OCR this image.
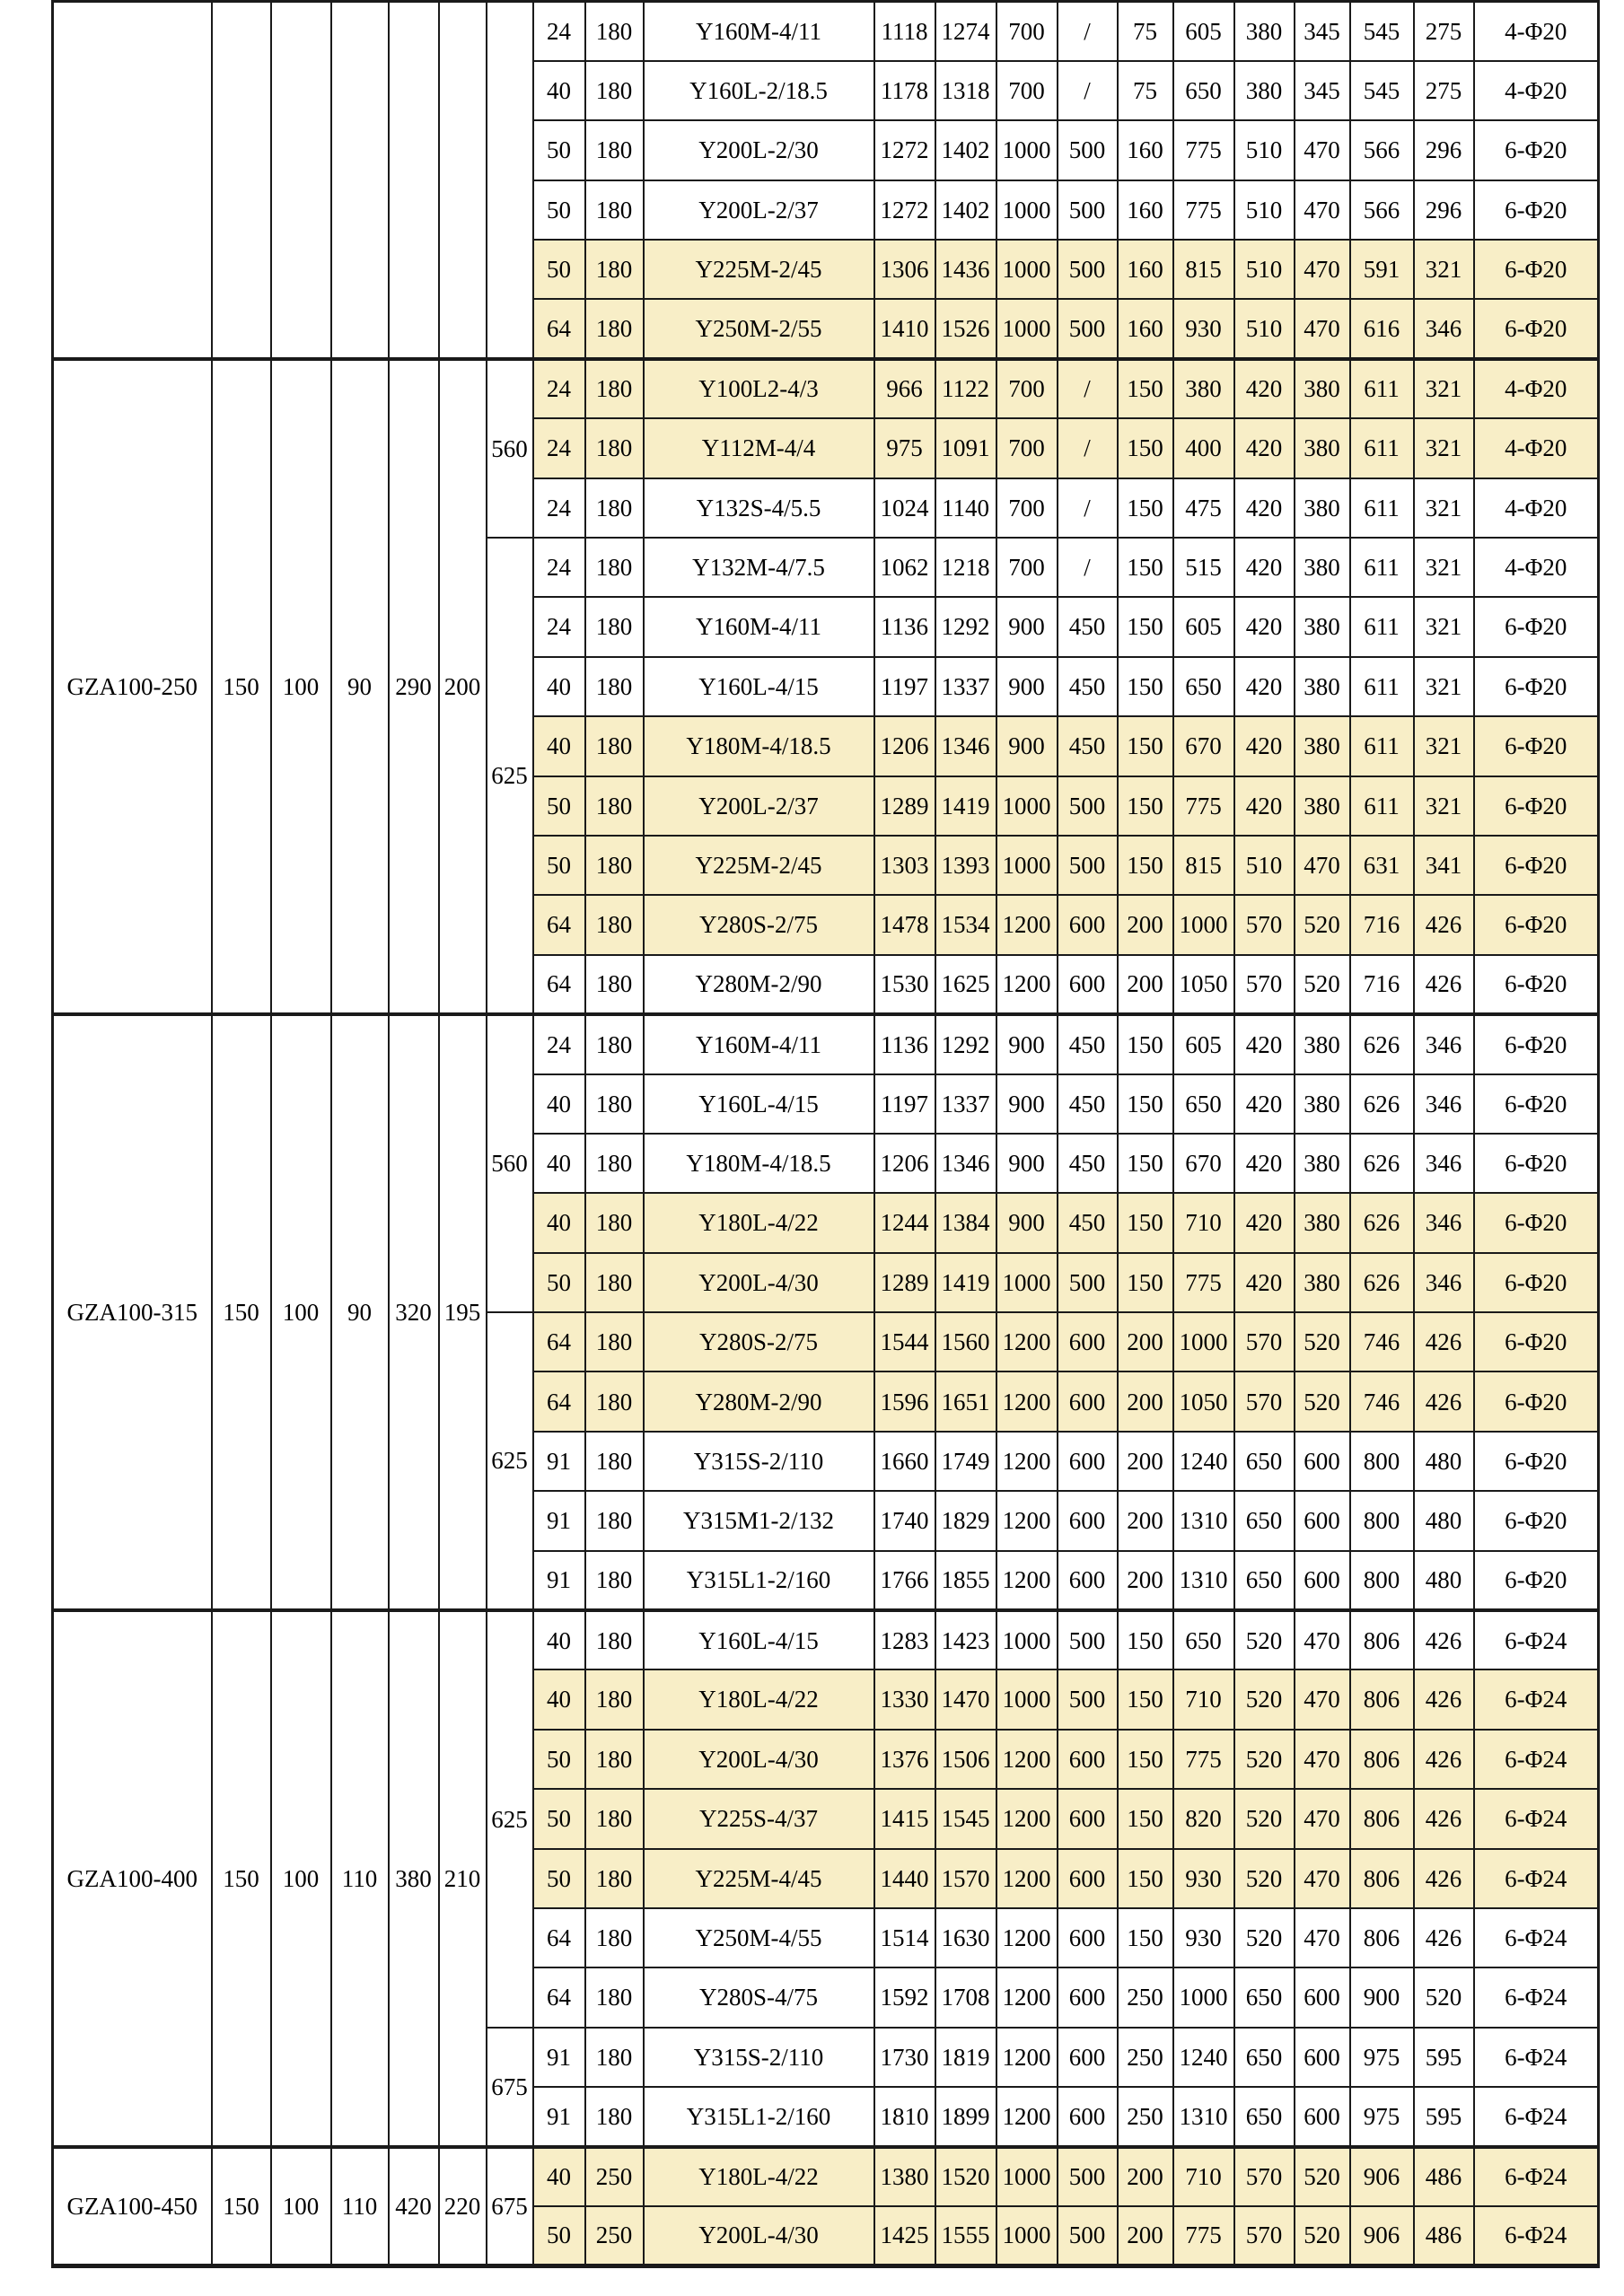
							24	180	Y160M-4/11	1118	1274	700	/	75	605	380	345	545	275	4-Φ20
							40	180	Y160L-2/18.5	1178	1318	700	/	75	650	380	345	545	275	4-Φ20
							50	180	Y200L-2/30	1272	1402	1000	500	160	775	510	470	566	296	6-Φ20
							50	180	Y200L-2/37	1272	1402	1000	500	160	775	510	470	566	296	6-Φ20
							50	180	Y225M-2/45	1306	1436	1000	500	160	815	510	470	591	321	6-Φ20
							64	180	Y250M-2/55	1410	1526	1000	500	160	930	510	470	616	346	6-Φ20
GZA100-250	150	100	90	290	200	560	24	180	Y100L2-4/3	966	1122	700	/	150	380	420	380	611	321	4-Φ20
							24	180	Y112M-4/4	975	1091	700	/	150	400	420	380	611	321	4-Φ20
							24	180	Y132S-4/5.5	1024	1140	700	/	150	475	420	380	611	321	4-Φ20
						625	24	180	Y132M-4/7.5	1062	1218	700	/	150	515	420	380	611	321	4-Φ20
							24	180	Y160M-4/11	1136	1292	900	450	150	605	420	380	611	321	6-Φ20
							40	180	Y160L-4/15	1197	1337	900	450	150	650	420	380	611	321	6-Φ20
							40	180	Y180M-4/18.5	1206	1346	900	450	150	670	420	380	611	321	6-Φ20
							50	180	Y200L-2/37	1289	1419	1000	500	150	775	420	380	611	321	6-Φ20
							50	180	Y225M-2/45	1303	1393	1000	500	150	815	510	470	631	341	6-Φ20
							64	180	Y280S-2/75	1478	1534	1200	600	200	1000	570	520	716	426	6-Φ20
							64	180	Y280M-2/90	1530	1625	1200	600	200	1050	570	520	716	426	6-Φ20
GZA100-315	150	100	90	320	195	560	24	180	Y160M-4/11	1136	1292	900	450	150	605	420	380	626	346	6-Φ20
							40	180	Y160L-4/15	1197	1337	900	450	150	650	420	380	626	346	6-Φ20
							40	180	Y180M-4/18.5	1206	1346	900	450	150	670	420	380	626	346	6-Φ20
							40	180	Y180L-4/22	1244	1384	900	450	150	710	420	380	626	346	6-Φ20
							50	180	Y200L-4/30	1289	1419	1000	500	150	775	420	380	626	346	6-Φ20
						625	64	180	Y280S-2/75	1544	1560	1200	600	200	1000	570	520	746	426	6-Φ20
							64	180	Y280M-2/90	1596	1651	1200	600	200	1050	570	520	746	426	6-Φ20
							91	180	Y315S-2/110	1660	1749	1200	600	200	1240	650	600	800	480	6-Φ20
							91	180	Y315M1-2/132	1740	1829	1200	600	200	1310	650	600	800	480	6-Φ20
							91	180	Y315L1-2/160	1766	1855	1200	600	200	1310	650	600	800	480	6-Φ20
GZA100-400	150	100	110	380	210	625	40	180	Y160L-4/15	1283	1423	1000	500	150	650	520	470	806	426	6-Φ24
							40	180	Y180L-4/22	1330	1470	1000	500	150	710	520	470	806	426	6-Φ24
							50	180	Y200L-4/30	1376	1506	1200	600	150	775	520	470	806	426	6-Φ24
							50	180	Y225S-4/37	1415	1545	1200	600	150	820	520	470	806	426	6-Φ24
							50	180	Y225M-4/45	1440	1570	1200	600	150	930	520	470	806	426	6-Φ24
							64	180	Y250M-4/55	1514	1630	1200	600	150	930	520	470	806	426	6-Φ24
							64	180	Y280S-4/75	1592	1708	1200	600	250	1000	650	600	900	520	6-Φ24
						675	91	180	Y315S-2/110	1730	1819	1200	600	250	1240	650	600	975	595	6-Φ24
							91	180	Y315L1-2/160	1810	1899	1200	600	250	1310	650	600	975	595	6-Φ24
GZA100-450	150	100	110	420	220	675	40	250	Y180L-4/22	1380	1520	1000	500	200	710	570	520	906	486	6-Φ24
							50	250	Y200L-4/30	1425	1555	1000	500	200	775	570	520	906	486	6-Φ24
